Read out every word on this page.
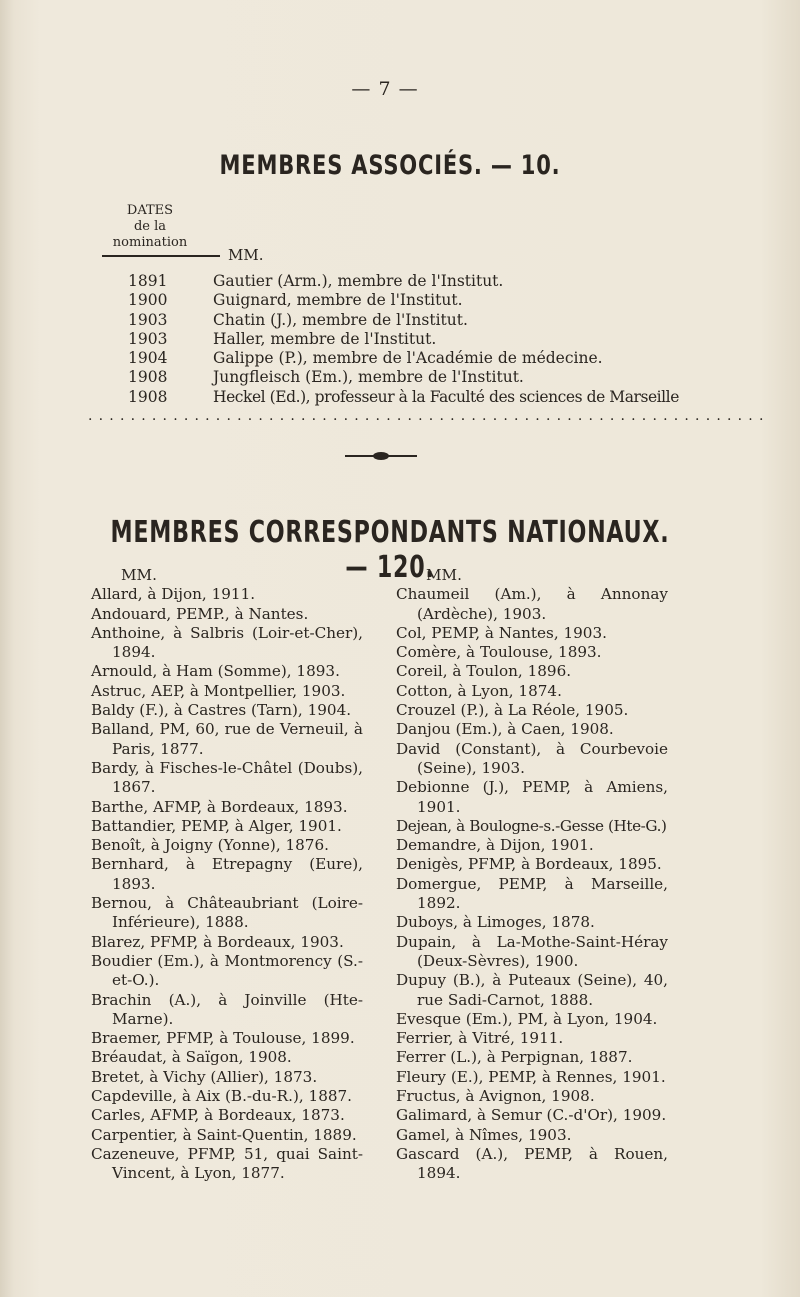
— 7 —
MEMBRES ASSOCIÉS. — 10.
DATES
de la
nomination
MM.
1891	Gautier (Arm.), membre de l'Institut.
1900	Guignard, membre de l'Institut.
1903	Chatin (J.), membre de l'Institut.
1903	Haller, membre de l'Institut.
1904	Galippe (P.), membre de l'Académie de médecine.
1908	Jungfleisch (Em.), membre de l'Institut.
1908	Heckel (Ed.), professeur à la Faculté des sciences de Marseille
................................................................
MEMBRES CORRESPONDANTS NATIONAUX. — 120.
MM.
Allard, à Dijon, 1911.
Andouard, PEMP., à Nantes.
Anthoine, à Salbris (Loir-et-Cher), 1894.
Arnould, à Ham (Somme), 1893.
Astruc, AEP, à Montpellier, 1903.
Baldy (F.), à Castres (Tarn), 1904.
Balland, PM, 60, rue de Verneuil, à Paris, 1877.
Bardy, à Fisches-le-Châtel (Doubs), 1867.
Barthe, AFMP, à Bordeaux, 1893.
Battandier, PEMP, à Alger, 1901.
Benoît, à Joigny (Yonne), 1876.
Bernhard, à Etrepagny (Eure), 1893.
Bernou, à Châteaubriant (Loire-Inférieure), 1888.
Blarez, PFMP, à Bordeaux, 1903.
Boudier (Em.), à Montmorency (S.-et-O.).
Brachin (A.), à Joinville (Hte-Marne).
Braemer, PFMP, à Toulouse, 1899.
Bréaudat, à Saïgon, 1908.
Bretet, à Vichy (Allier), 1873.
Capdeville, à Aix (B.-du-R.), 1887.
Carles, AFMP, à Bordeaux, 1873.
Carpentier, à Saint-Quentin, 1889.
Cazeneuve, PFMP, 51, quai Saint-Vincent, à Lyon, 1877.
MM.
Chaumeil (Am.), à Annonay (Ardèche), 1903.
Col, PEMP, à Nantes, 1903.
Comère, à Toulouse, 1893.
Coreil, à Toulon, 1896.
Cotton, à Lyon, 1874.
Crouzel (P.), à La Réole, 1905.
Danjou (Em.), à Caen, 1908.
David (Constant), à Courbevoie (Seine), 1903.
Debionne (J.), PEMP, à Amiens, 1901.
Dejean, à Boulogne-s.-Gesse (Hte-G.)
Demandre, à Dijon, 1901.
Denigès, PFMP, à Bordeaux, 1895.
Domergue, PEMP, à Marseille, 1892.
Duboys, à Limoges, 1878.
Dupain, à La-Mothe-Saint-Héray (Deux-Sèvres), 1900.
Dupuy (B.), à Puteaux (Seine), 40, rue Sadi-Carnot, 1888.
Evesque (Em.), PM, à Lyon, 1904.
Ferrier, à Vitré, 1911.
Ferrer (L.), à Perpignan, 1887.
Fleury (E.), PEMP, à Rennes, 1901.
Fructus, à Avignon, 1908.
Galimard, à Semur (C.-d'Or), 1909.
Gamel, à Nîmes, 1903.
Gascard (A.), PEMP, à Rouen, 1894.
